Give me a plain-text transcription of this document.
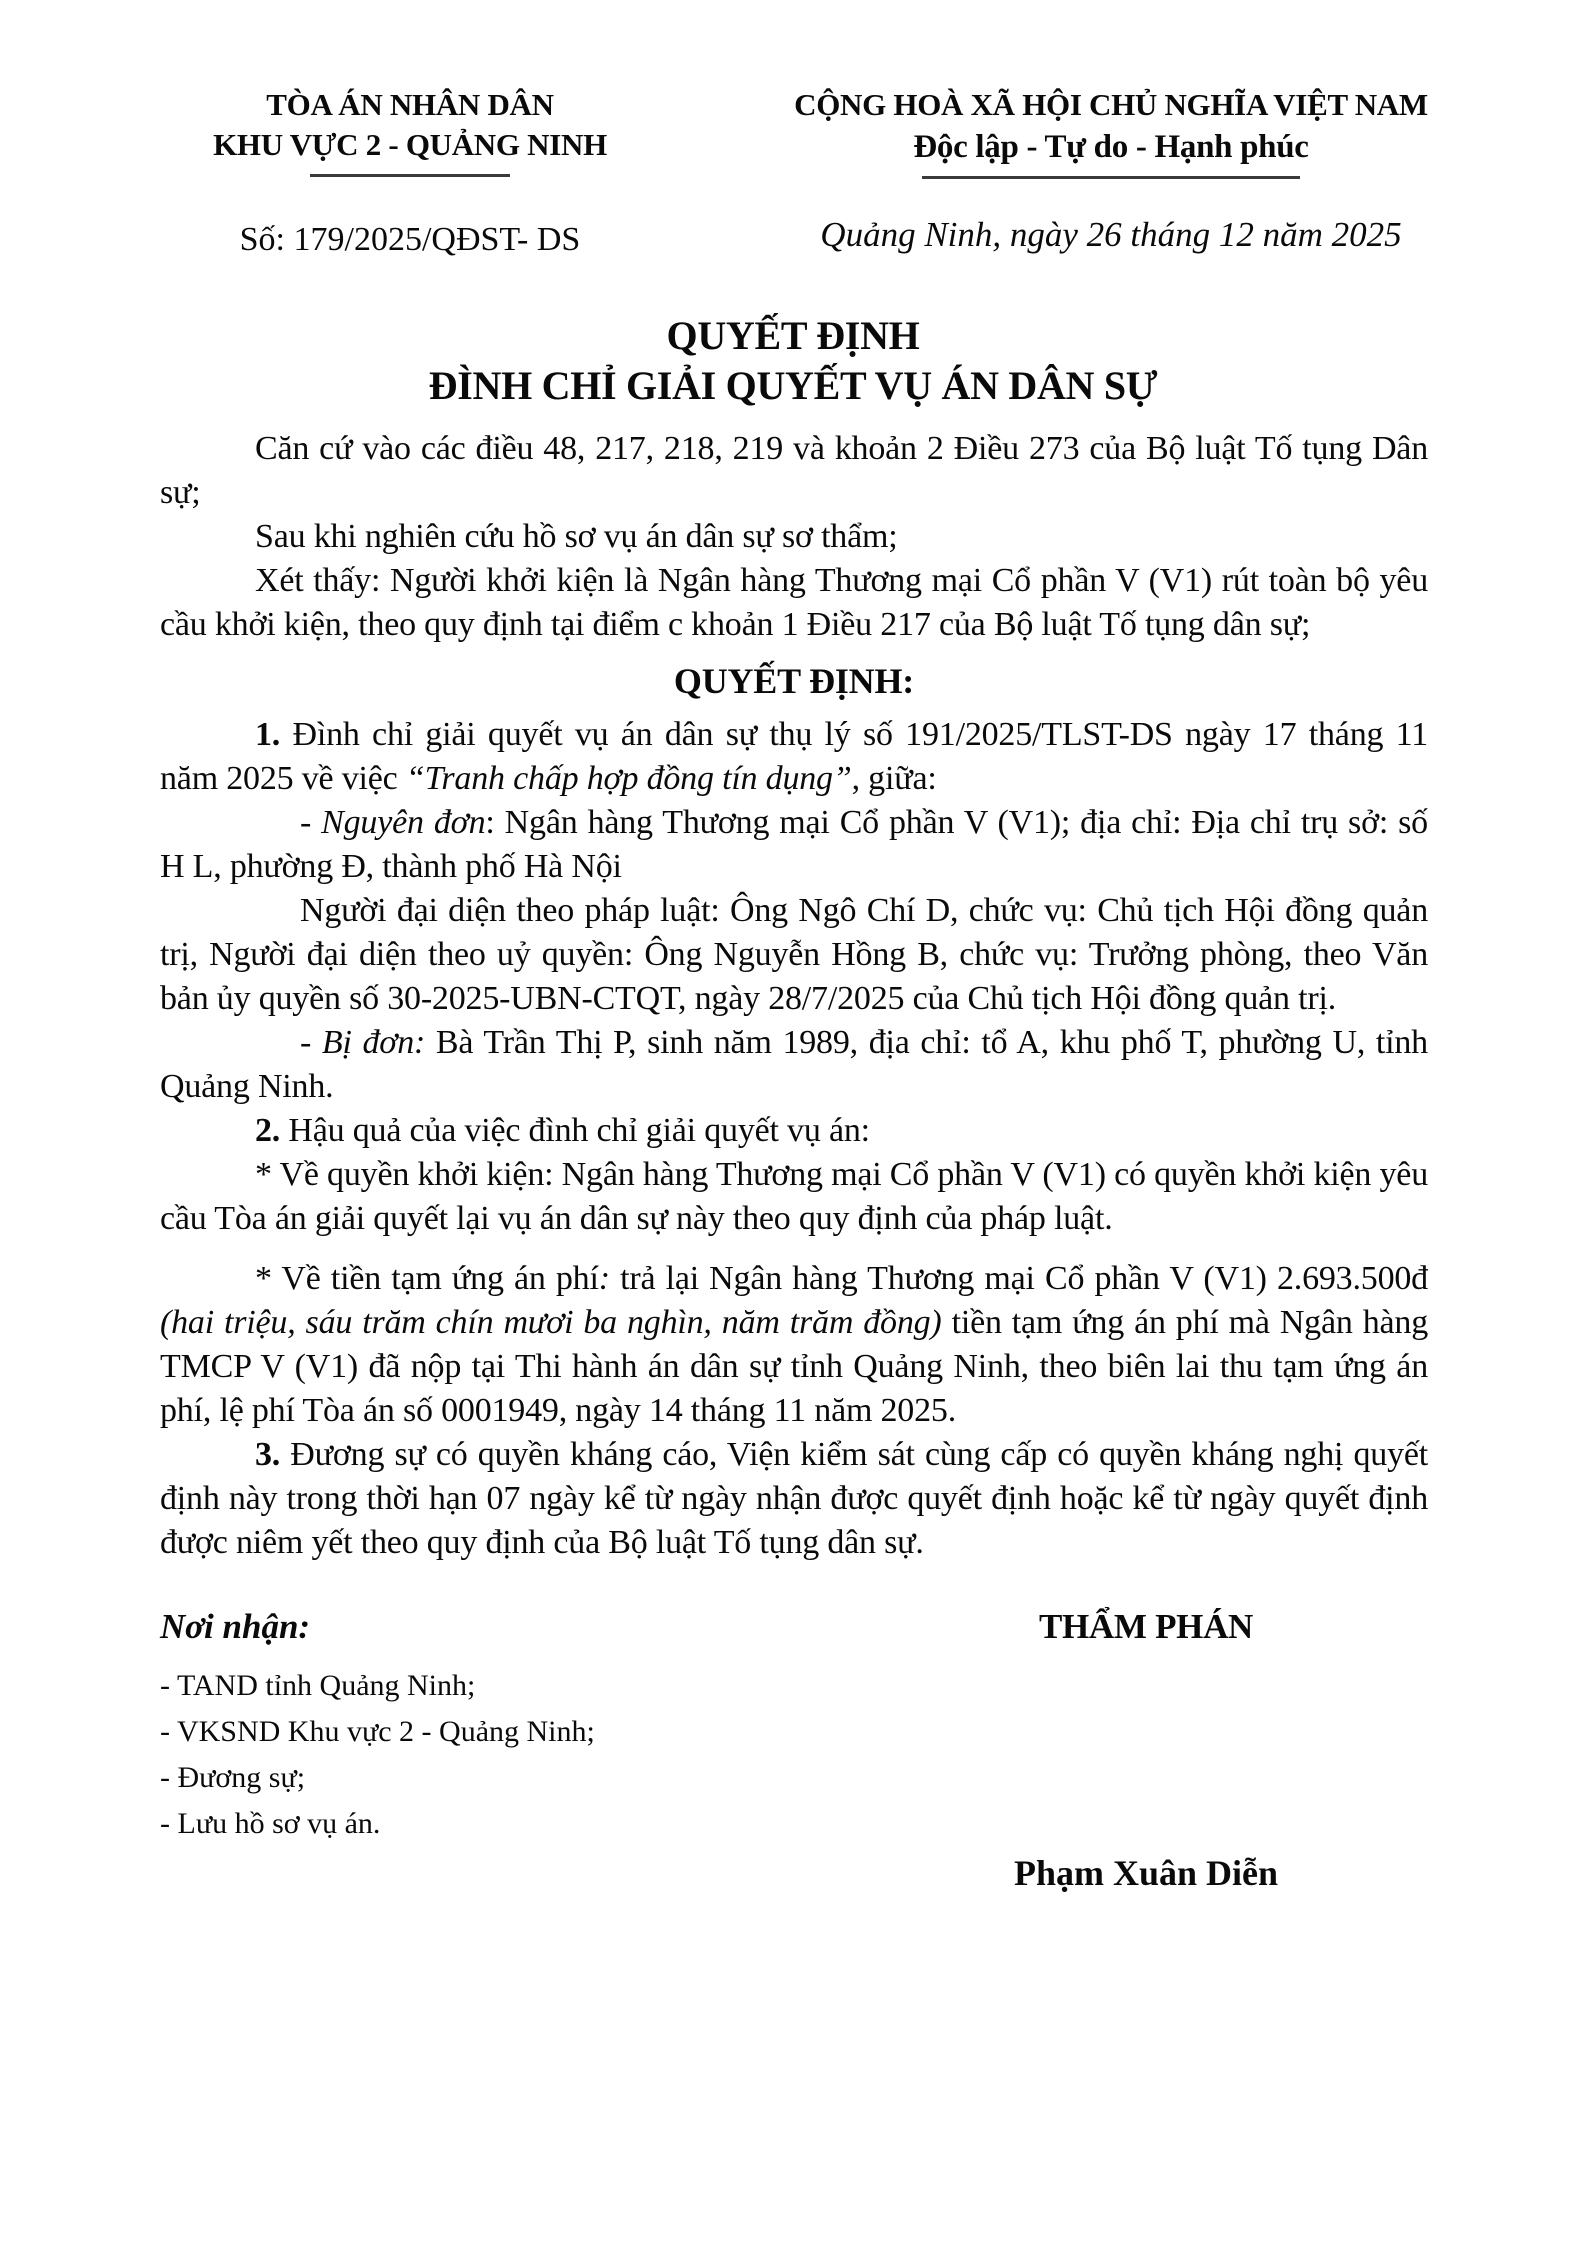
TÒA ÁN NHÂN DÂN
KHU VỰC 2 - QUẢNG NINH
Số: 179/2025/QĐST- DS
CỘNG HOÀ XÃ HỘI CHỦ NGHĨA VIỆT NAM
Độc lập - Tự do - Hạnh phúc
Quảng Ninh, ngày 26 tháng 12 năm 2025
QUYẾT ĐỊNH
ĐÌNH CHỈ GIẢI QUYẾT VỤ ÁN DÂN SỰ

Căn cứ vào các điều 48, 217, 218, 219 và khoản 2 Điều 273 của Bộ luật Tố tụng Dân sự;

Sau khi nghiên cứu hồ sơ vụ án dân sự sơ thẩm;

Xét thấy: Người khởi kiện là Ngân hàng Thương mại Cổ phần V (V1) rút toàn bộ yêu cầu khởi kiện, theo quy định tại điểm c khoản 1 Điều 217 của Bộ luật Tố tụng dân sự;

QUYẾT ĐỊNH:

1. Đình chỉ giải quyết vụ án dân sự thụ lý số 191/2025/TLST-DS ngày 17 tháng 11 năm 2025 về việc “Tranh chấp hợp đồng tín dụng”, giữa:

- Nguyên đơn: Ngân hàng Thương mại Cổ phần V (V1); địa chỉ: Địa chỉ trụ sở: số H L, phường Đ, thành phố Hà Nội

Người đại diện theo pháp luật: Ông Ngô Chí D, chức vụ: Chủ tịch Hội đồng quản trị, Người đại diện theo uỷ quyền: Ông Nguyễn Hồng B, chức vụ: Trưởng phòng, theo Văn bản ủy quyền số 30-2025-UBN-CTQT, ngày 28/7/2025 của Chủ tịch Hội đồng quản trị.

- Bị đơn: Bà Trần Thị P, sinh năm 1989, địa chỉ: tổ A, khu phố T, phường U, tỉnh Quảng Ninh.

2. Hậu quả của việc đình chỉ giải quyết vụ án:

* Về quyền khởi kiện: Ngân hàng Thương mại Cổ phần V (V1) có quyền khởi kiện yêu cầu Tòa án giải quyết lại vụ án dân sự này theo quy định của pháp luật.

* Về tiền tạm ứng án phí: trả lại Ngân hàng Thương mại Cổ phần V (V1) 2.693.500đ (hai triệu, sáu trăm chín mươi ba nghìn, năm trăm đồng) tiền tạm ứng án phí mà Ngân hàng TMCP V (V1) đã nộp tại Thi hành án dân sự tỉnh Quảng Ninh, theo biên lai thu tạm ứng án phí, lệ phí Tòa án số 0001949, ngày 14 tháng 11 năm 2025.

3. Đương sự có quyền kháng cáo, Viện kiểm sát cùng cấp có quyền kháng nghị quyết định này trong thời hạn 07 ngày kể từ ngày nhận được quyết định hoặc kể từ ngày quyết định được niêm yết theo quy định của Bộ luật Tố tụng dân sự.

Nơi nhận:
- TAND tỉnh Quảng Ninh;
- VKSND Khu vực 2 - Quảng Ninh;
- Đương sự;
- Lưu hồ sơ vụ án.
THẨM PHÁN
Phạm Xuân Diễn
